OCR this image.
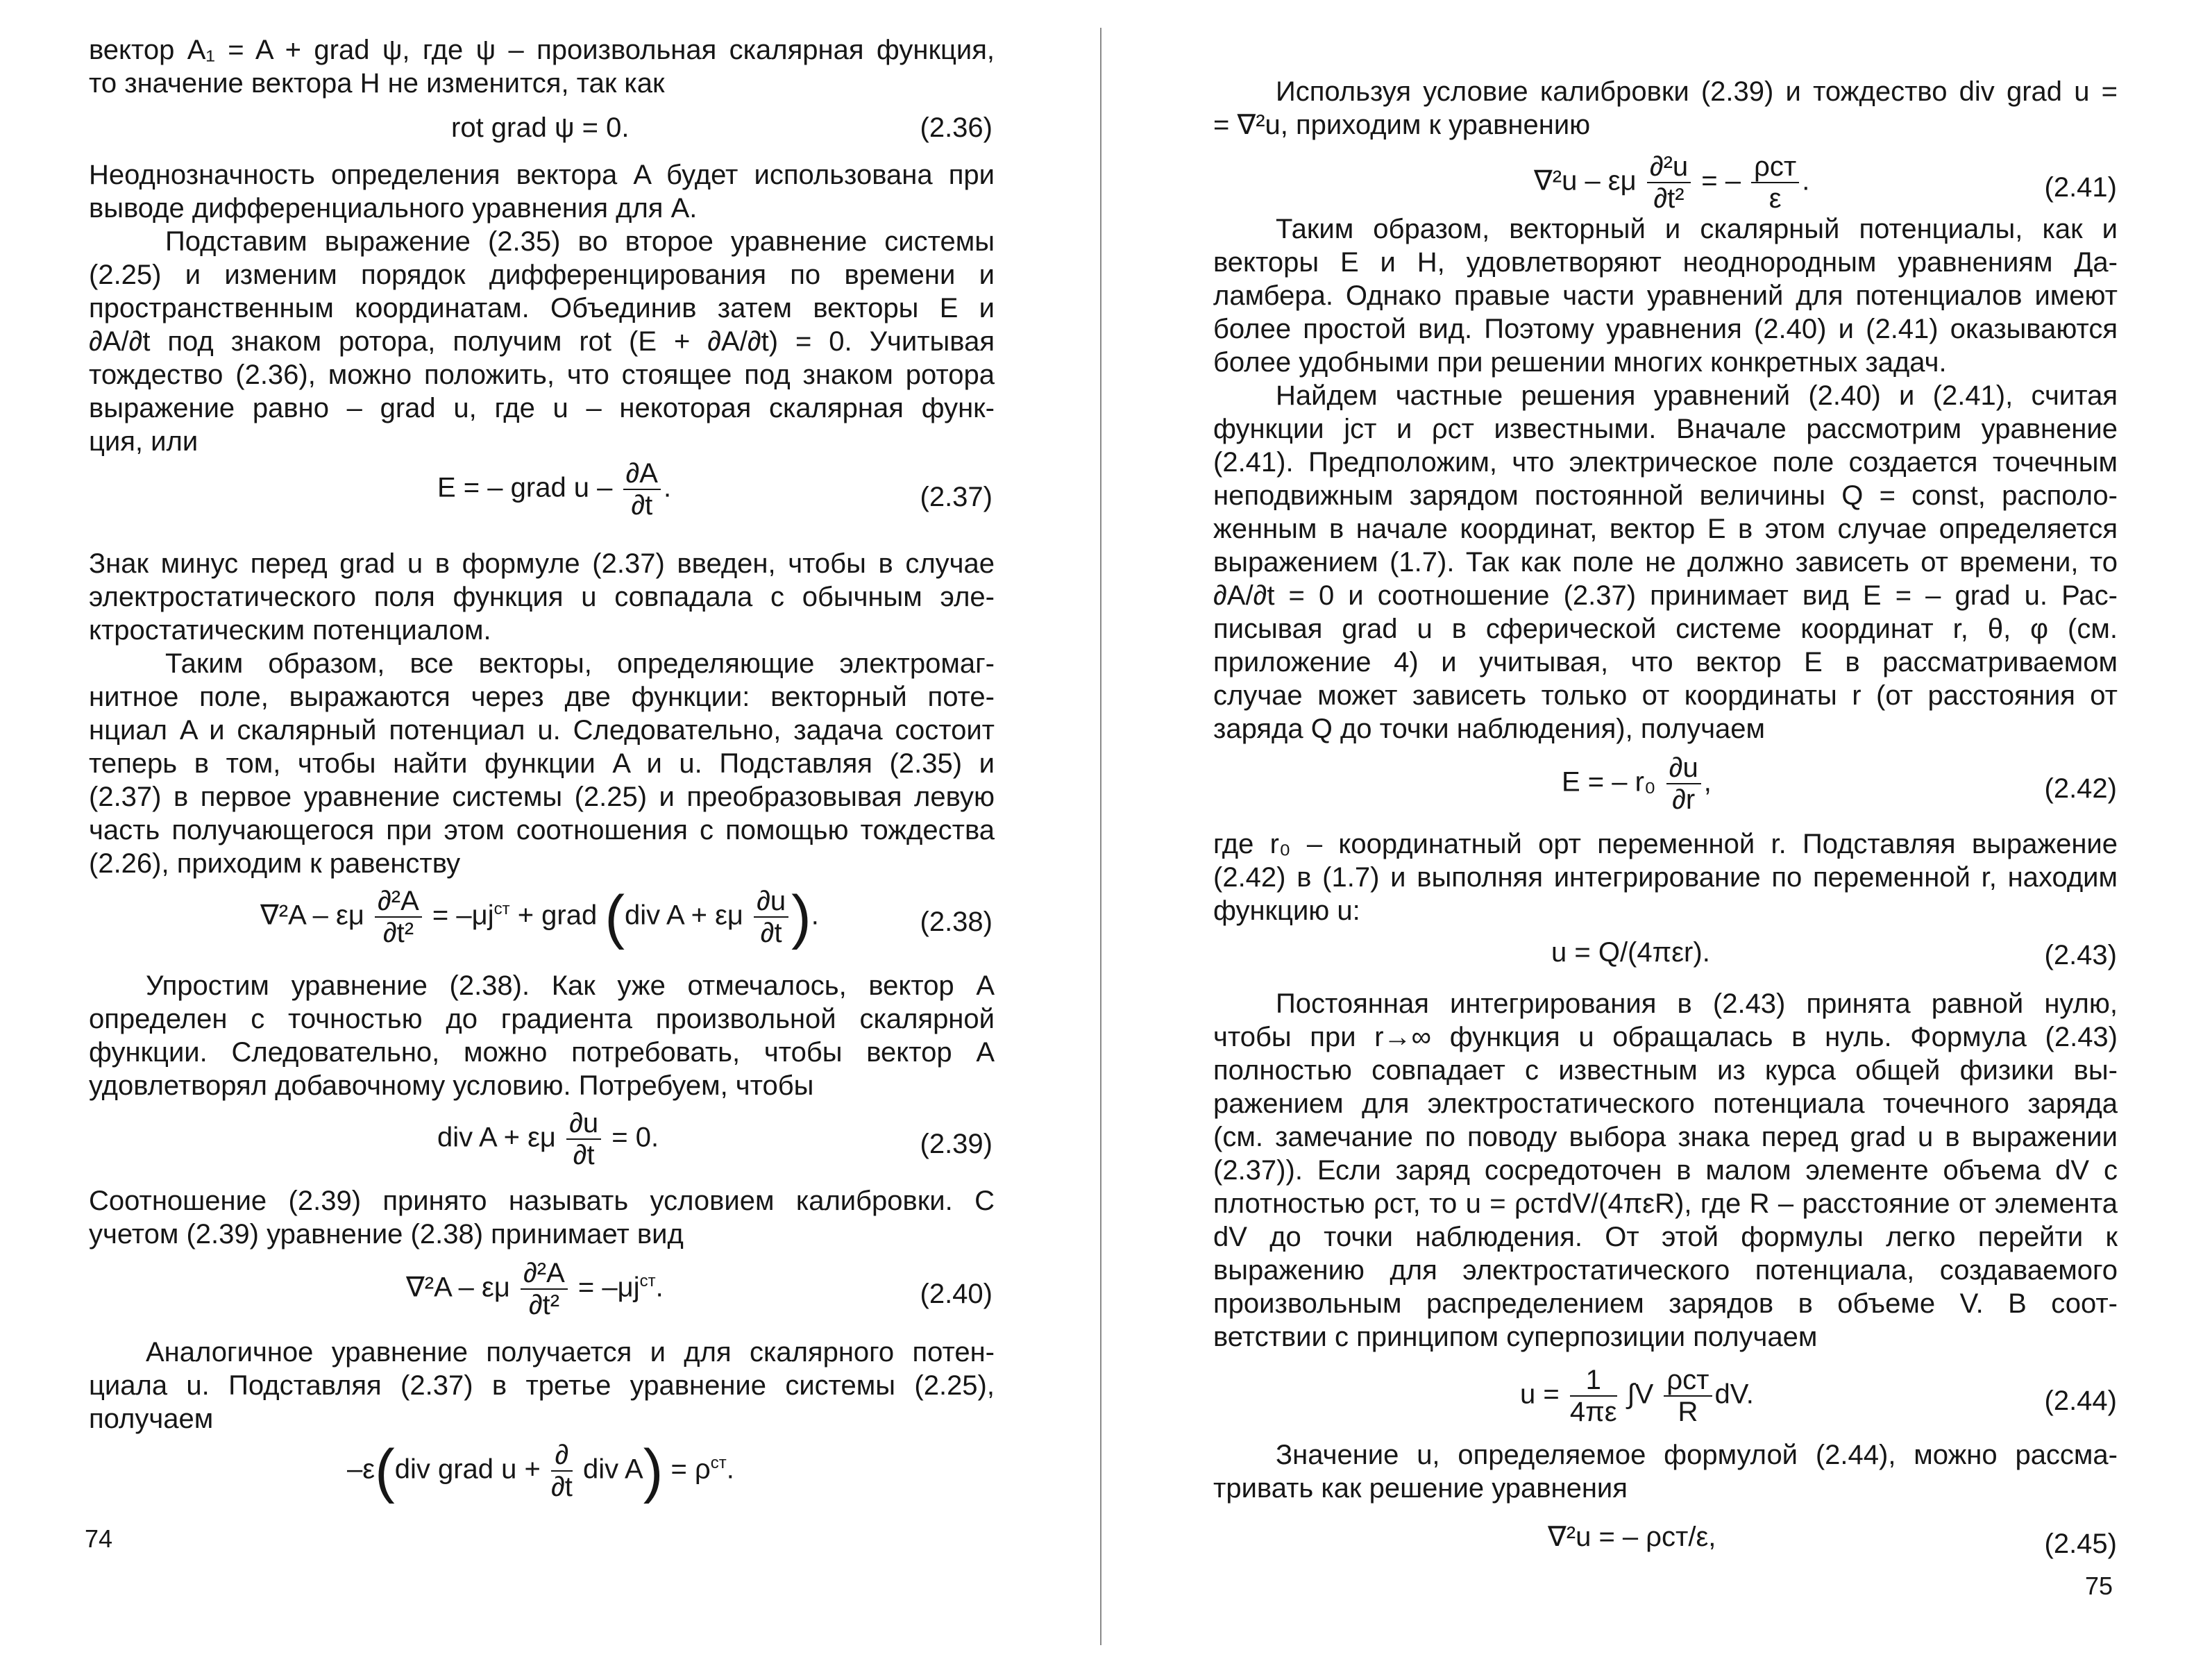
вектор A₁ = A + grad ψ, где ψ – произвольная скалярная функция,
то значение вектора H не изменится, так как
rot grad ψ = 0.	(2.36)
Неоднозначность определения вектора A будет использована при
выводе дифференциального уравнения для A.
Подставим выражение (2.35) во второе уравнение системы
(2.25) и изменим порядок дифференцирования по времени и
пространственным координатам. Объединив затем векторы E и
∂A/∂t под знаком ротора, получим rot (E + ∂A/∂t) = 0. Учитывая
тождество (2.36), можно положить, что стоящее под знаком ротора
выражение равно – grad u, где u – некоторая скалярная функ-
ция, или
E = – grad u – $\frac{\partial A}{\partial t}$ .	(2.37)
Знак минус перед grad u в формуле (2.37) введен, чтобы в случае
электростатического поля функция u совпадала с обычным эле-
ктростатическим потенциалом.
Таким образом, все векторы, определяющие электромаг-
нитное поле, выражаются через две функции: векторный поте-
нциал A и скалярный потенциал u. Следовательно, задача состоит
теперь в том, чтобы найти функции A и u. Подставляя (2.35) и
(2.37) в первое уравнение системы (2.25) и преобразовывая левую
часть получающегося при этом соотношения с помощью тождества
(2.26), приходим к равенству
∇²A – εμ $\frac{\text{∂²A}}{\text{∂t²}} = -\mu j^{ст}$ + grad (div A + εμ $\frac{\partial u}{\partial t}$ ).	(2.38)
Упростим уравнение (2.38). Как уже отмечалось, вектор A
определен с точностью до градиента произвольной скалярной
функции. Следовательно, можно потребовать, чтобы вектор A
удовлетворял добавочному условию. Потребуем, чтобы
div A + εμ $\frac{\partial u}{\partial t} = 0$.	(2.39)
Соотношение (2.39) принято называть условием калибровки. С
учетом (2.39) уравнение (2.38) принимает вид
∇²A – εμ $\frac{\text{∂²A}}{\text{∂t²}} = -\mu j^{ст}$.	(2.40)
Аналогичное уравнение получается и для скалярного потен-
циала u. Подставляя (2.37) в третье уравнение системы (2.25),
получаем
–ε(div grad $u + \frac{\partial}{\partial t}$ div $A) = \rho^{ст}$.
74
Используя условие калибровки (2.39) и тождество div grad u =
= ∇²u, приходим к уравнению
∇²u – εμ $\frac{\text{∂²u}}{\text{∂t²}}$ = – $\frac{\text{ρст}}{\varepsilon}$ .	(2.41)
Таким образом, векторный и скалярный потенциалы, как и
векторы E и H, удовлетворяют неоднородным уравнениям Да-
ламбера. Однако правые части уравнений для потенциалов имеют
более простой вид. Поэтому уравнения (2.40) и (2.41) оказываются
более удобными при решении многих конкретных задач.
Найдем частные решения уравнений (2.40) и (2.41), считая
функции jст и ρст известными. Вначале рассмотрим уравнение
(2.41). Предположим, что электрическое поле создается точечным
неподвижным зарядом постоянной величины Q = const, располо-
женным в начале координат, вектор E в этом случае определяется
выражением (1.7). Так как поле не должно зависеть от времени, то
∂A/∂t = 0 и соотношение (2.37) принимает вид E = – grad u. Рас-
писывая grad u в сферической системе координат r, θ, φ (см.
приложение 4) и учитывая, что вектор E в рассматриваемом
случае может зависеть только от координаты r (от расстояния от
заряда Q до точки наблюдения), получаем
E = – $r_0 \frac{\partial u}{\partial r}$ ,	(2.42)
где r₀ – координатный орт переменной r. Подставляя выражение
(2.42) в (1.7) и выполняя интегрирование по переменной r, находим
функцию u:
u = Q/(4πεr).	(2.43)
Постоянная интегрирования в (2.43) принята равной нулю,
чтобы при r→∞ функция u обращалась в нуль. Формула (2.43)
полностью совпадает с известным из курса общей физики вы-
ражением для электростатического потенциала точечного заряда
(см. замечание по поводу выбора знака перед grad u в выражении
(2.37)). Если заряд сосредоточен в малом элементе объема dV с
плотностью ρст, то u = ρстdV/(4πεR), где R – расстояние от элемента
dV до точки наблюдения. От этой формулы легко перейти к
выражению для электростатического потенциала, создаваемого
произвольным распределением зарядов в объеме V. В соот-
ветствии с принципом суперпозиции получаем
$u = \frac{1}{4\pi\varepsilon} \int V \frac{\text{ρст}}{R}$ dV.	(2.44)
Значение u, определяемое формулой (2.44), можно рассма-
тривать как решение уравнения
∇²u = – ρст/ε,	(2.45)
75
